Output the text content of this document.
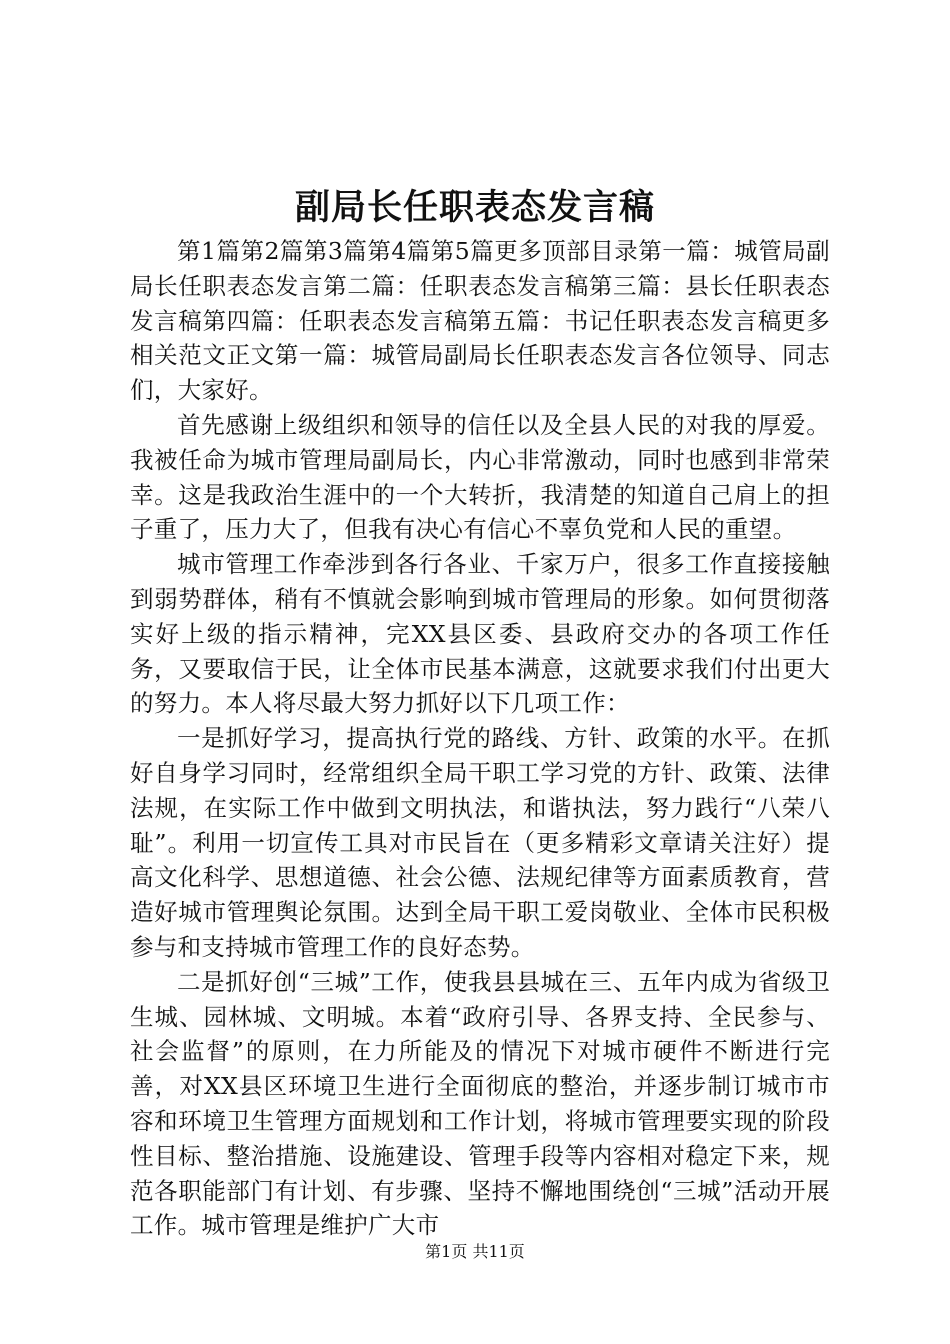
副局长任职表态发言稿

第1篇第2篇第3篇第4篇第5篇更多顶部目录第一篇：城管局副局长任职表态发言第二篇：任职表态发言稿第三篇：县长任职表态发言稿第四篇：任职表态发言稿第五篇：书记任职表态发言稿更多相关范文正文第一篇：城管局副局长任职表态发言各位领导、同志们，大家好。

首先感谢上级组织和领导的信任以及全县人民的对我的厚爱。我被任命为城市管理局副局长，内心非常激动，同时也感到非常荣幸。这是我政治生涯中的一个大转折，我清楚的知道自己肩上的担子重了，压力大了，但我有决心有信心不辜负党和人民的重望。

城市管理工作牵涉到各行各业、千家万户，很多工作直接接触到弱势群体，稍有不慎就会影响到城市管理局的形象。如何贯彻落实好上级的指示精神，完XX县区委、县政府交办的各项工作任务，又要取信于民，让全体市民基本满意，这就要求我们付出更大的努力。本人将尽最大努力抓好以下几项工作：

一是抓好学习，提高执行党的路线、方针、政策的水平。在抓好自身学习同时，经常组织全局干职工学习党的方针、政策、法律法规，在实际工作中做到文明执法，和谐执法，努力践行“八荣八耻”。利用一切宣传工具对市民旨在（更多精彩文章请关注好）提高文化科学、思想道德、社会公德、法规纪律等方面素质教育，营造好城市管理舆论氛围。达到全局干职工爱岗敬业、全体市民积极参与和支持城市管理工作的良好态势。

二是抓好创“三城”工作，使我县县城在三、五年内成为省级卫生城、园林城、文明城。本着“政府引导、各界支持、全民参与、社会监督”的原则，在力所能及的情况下对城市硬件不断进行完善，对XX县区环境卫生进行全面彻底的整治，并逐步制订城市市容和环境卫生管理方面规划和工作计划，将城市管理要实现的阶段性目标、整治措施、设施建设、管理手段等内容相对稳定下来，规范各职能部门有计划、有步骤、坚持不懈地围绕创“三城”活动开展工作。城市管理是维护广大市

第1页 共11页
